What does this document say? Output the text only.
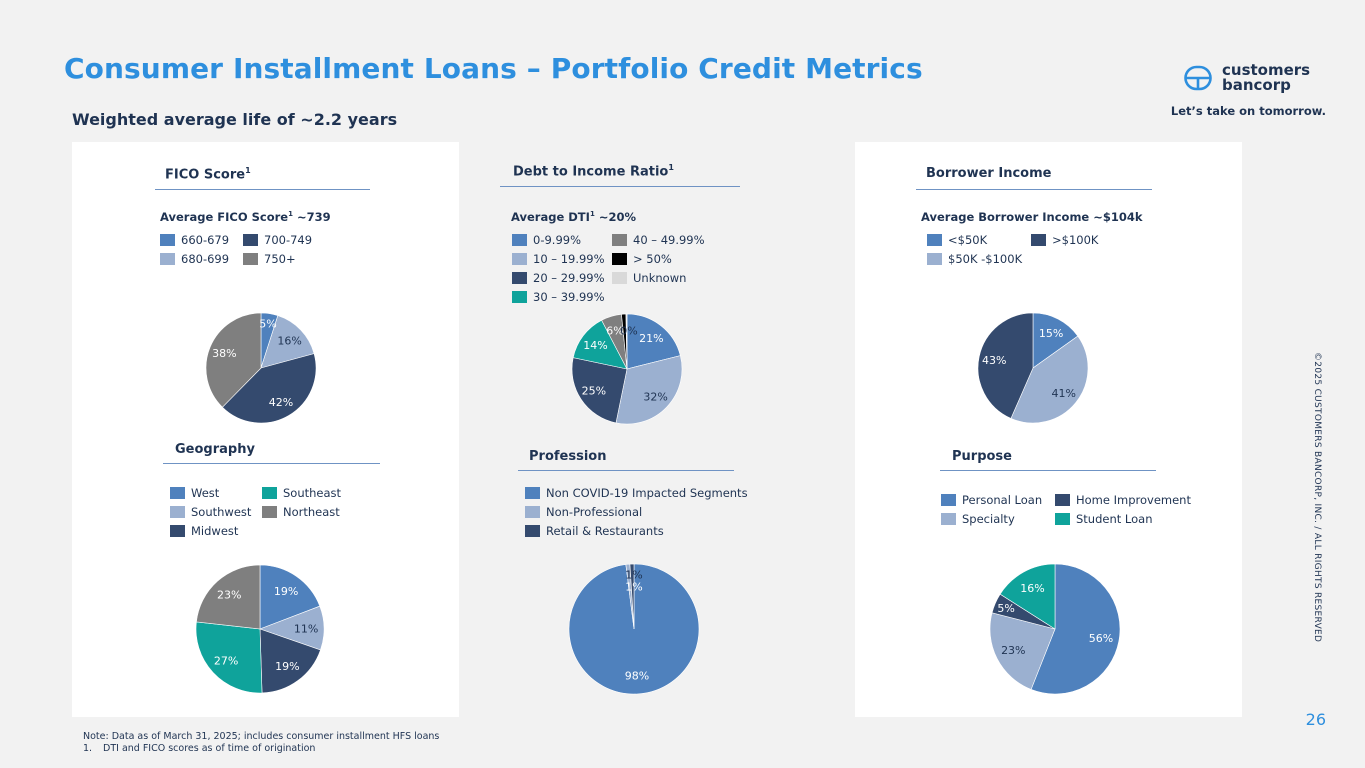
Consumer Installment Loans – Portfolio Credit Metrics
Weighted average life of ~2.2 years
customers
bancorp
Let’s take on tomorrow.
FICO Score$^1$
Average FICO Score$^1$ ~739
660-679	700-749
680-699	750+
5%
16%
42%
38%
Debt to Income Ratio$^1$
Average DTI$^1$ ~20%
0-9.99%	40 – 49.99%
10 – 19.99% > 50%
20 – 29.99% Unknown
30 – 39.99%
21%
32%
25%
14%
6%
0%
Borrower Income
Average Borrower Income ~$104k
<$50K	>$100K
$50K -$100K
15%
41%
43%
Geography
West	Southeast
Southwest	Northeast
Midwest
19%
11%
19%
27%
23%
Profession
Non COVID-19 Impacted Segments
Non-Professional
Retail & Restaurants
98%
1%
1%
Purpose
Personal Loan	Home Improvement
Specialty	Student Loan
56%
23%
5%
16%
Note: Data as of March 31, 2025; includes consumer installment HFS loans
1.	DTI and FICO scores as of time of origination
26
©2025 CUSTOMERS BANCORP, INC. / ALL RIGHTS RESERVED
